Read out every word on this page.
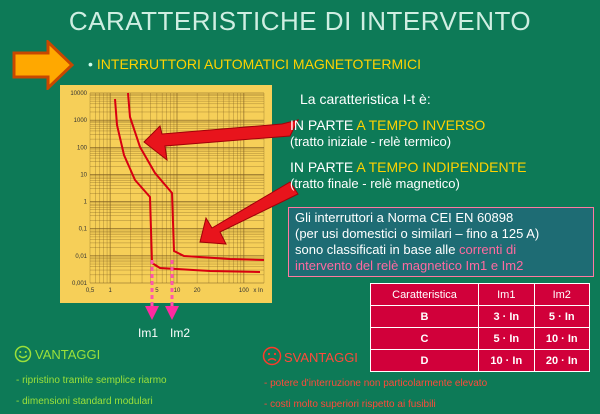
CARATTERISTICHE DI INTERVENTO
• INTERRUTTORI AUTOMATICI MAGNETOTERMICI
10000
1000
100
10
1
0,1
0,01
0,001
0,5 1	5	10 20	100 x In
Im1 Im2
La caratteristica I-t è:
IN PARTE A TEMPO INVERSO
(tratto iniziale - relè termico)
IN PARTE A TEMPO INDIPENDENTE
(tratto finale - relè magnetico)
Gli interruttori a Norma CEI EN 60898
(per usi domestici o similari – fino a 125 A)
sono classificati in base alle correnti di
intervento del relè magnetico Im1 e Im2
Caratteristica	Im1	Im2
B	3 · In	5 · In
C	5 · In	10 · In
D	10 · In	20 · In
VANTAGGI
- ripristino tramite semplice riarmo
- dimensioni standard modulari
SVANTAGGI
- potere d'interruzione non particolarmente elevato
- costi molto superiori rispetto ai fusibili
